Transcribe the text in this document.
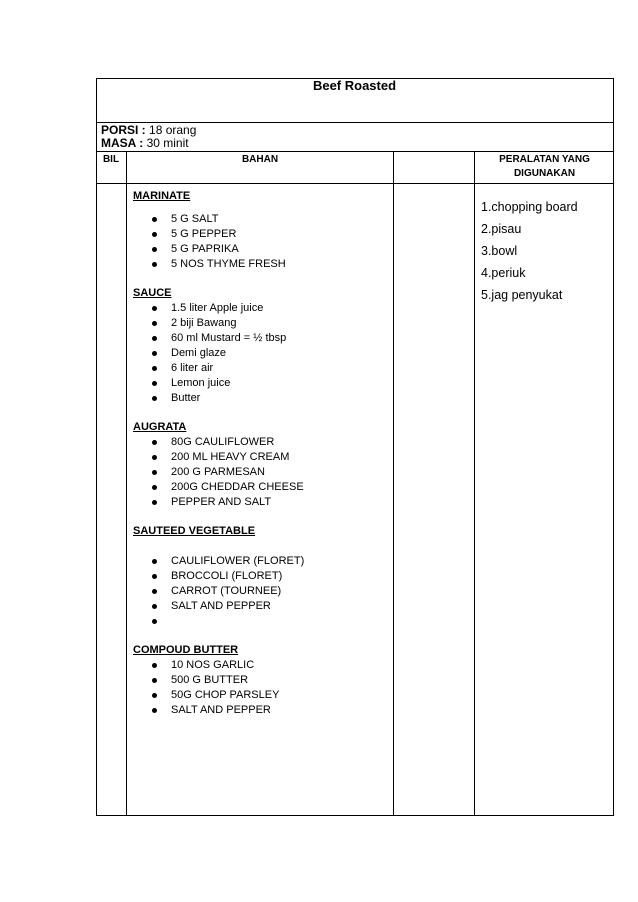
Beef Roasted
PORSI : 18 orang
MASA : 30 minit
BIL	BAHAN	PERALATAN YANG
DIGUNAKAN
MARINATE
5 G SALT
5 G PEPPER
5 G PAPRIKA
5 NOS THYME FRESH
SAUCE
1.5 liter Apple juice
2 biji Bawang
60 ml Mustard = ½ tbsp
Demi glaze
6 liter air
Lemon juice
Butter
AUGRATA
80G CAULIFLOWER
200 ML HEAVY CREAM
200 G PARMESAN
200G CHEDDAR CHEESE
PEPPER AND SALT
SAUTEED VEGETABLE
CAULIFLOWER (FLORET)
BROCCOLI (FLORET)
CARROT (TOURNEE)
SALT AND PEPPER
COMPOUD BUTTER
10 NOS GARLIC
500 G BUTTER
50G CHOP PARSLEY
SALT AND PEPPER
1.chopping board
2.pisau
3.bowl
4.periuk
5.jag penyukat
